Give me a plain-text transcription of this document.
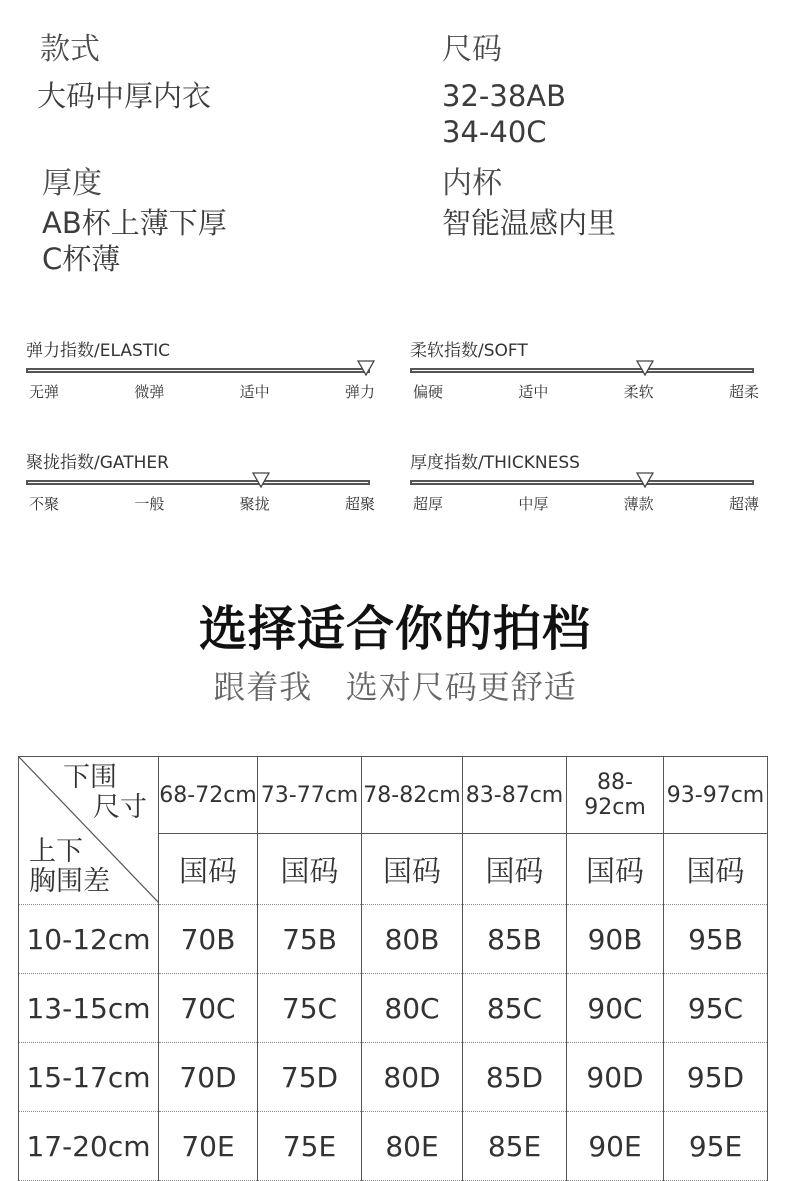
款式
大码中厚内衣
尺码
32-38AB
34-40C
厚度
AB杯上薄下厚
C杯薄
内杯
智能温感内里
弹力指数/ELASTIC
无弹	微弹	适中	弹力
柔软指数/SOFT
偏硬	适中	柔软	超柔
聚拢指数/GATHER
不聚	一般	聚拢	超聚
厚度指数/THICKNESS
超厚	中厚	薄款	超薄
选择适合你的拍档
跟着我   选对尺码更舒适
下围
尺寸
上下
胸围差	68-72cm	73-77cm	78-82cm	83-87cm	88-92cm	93-97cm
	国码	国码	国码	国码	国码	国码
10-12cm	70B	75B	80B	85B	90B	95B
13-15cm	70C	75C	80C	85C	90C	95C
15-17cm	70D	75D	80D	85D	90D	95D
17-20cm	70E	75E	80E	85E	90E	95E
